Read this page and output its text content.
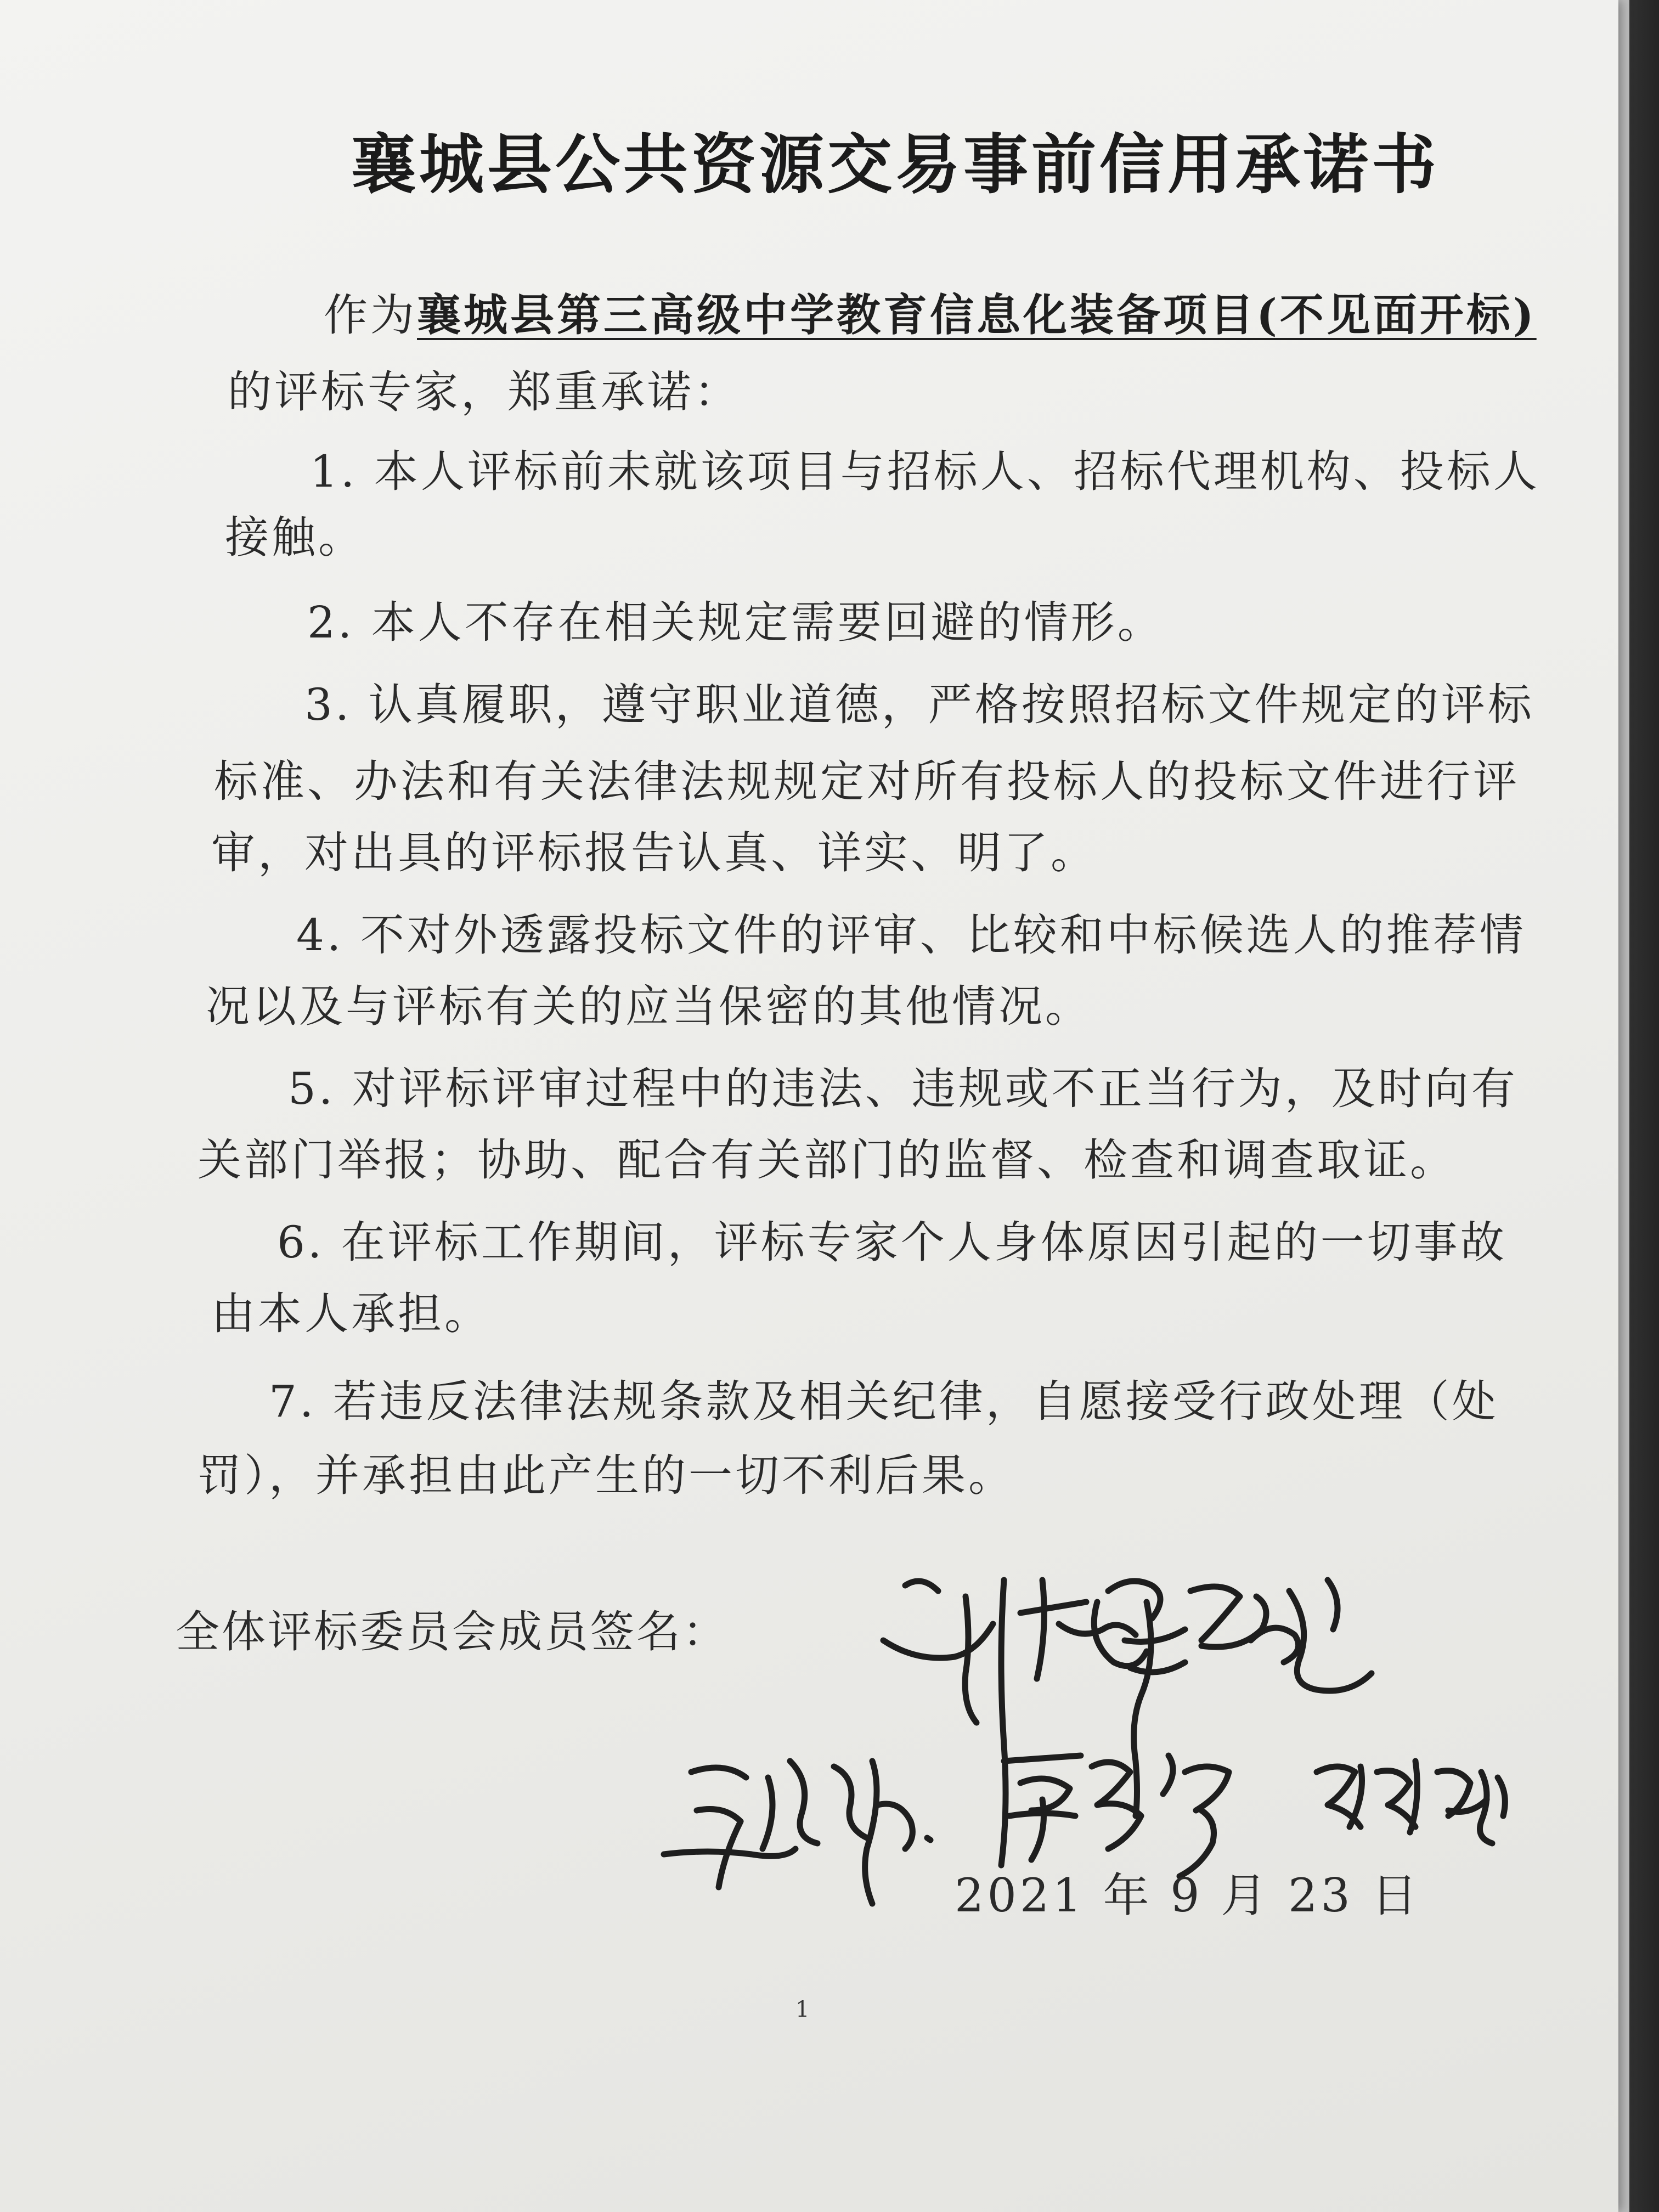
襄城县公共资源交易事前信用承诺书
作为襄城县第三高级中学教育信息化装备项目(不见面开标)
的评标专家，郑重承诺：
1. 本人评标前未就该项目与招标人、招标代理机构、投标人
接触。
2. 本人不存在相关规定需要回避的情形。
3. 认真履职，遵守职业道德，严格按照招标文件规定的评标
标准、办法和有关法律法规规定对所有投标人的投标文件进行评
审，对出具的评标报告认真、详实、明了。
4. 不对外透露投标文件的评审、比较和中标候选人的推荐情
况以及与评标有关的应当保密的其他情况。
5. 对评标评审过程中的违法、违规或不正当行为，及时向有
关部门举报；协助、配合有关部门的监督、检查和调查取证。
6. 在评标工作期间，评标专家个人身体原因引起的一切事故
由本人承担。
7. 若违反法律法规条款及相关纪律，自愿接受行政处理（处
罚），并承担由此产生的一切不利后果。
全体评标委员会成员签名：
2021 年 9 月 23 日
1
